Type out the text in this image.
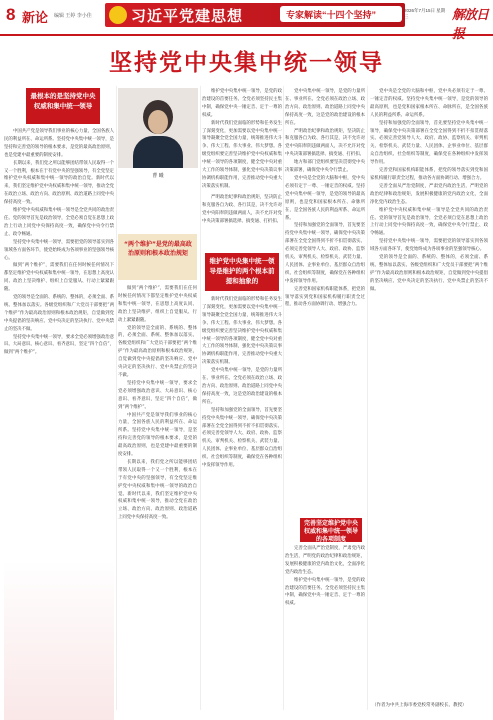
8 新论 编辑 王婷 李小佳	习近平党建思想	专家解读“十四个坚持”	2026年7月15日 星期三	解放日报
坚持党中央集中统一领导
最根本的是坚持党中央权威和集中统一领导

中国共产党是领导我们事业的核心力量，全国各族人民的利益所在、命运所系。坚持党中央集中统一领导，是坚持和完善党的领导的根本要求，是党的最高政治原则，也是党建中最重要的制度安排。

长期以来，我们党之所以能够团结带领人民取得一个又一个胜利，根本在于有党中央的坚强领导，有全党坚定维护党中央权威和集中统一领导的政治自觉。新时代以来，我们坚定维护党中央权威和集中统一领导，推动全党在政治立场、政治方向、政治原则、政治道路上同党中央保持高度一致。

维护党中央权威和集中统一领导是全党共同的政治责任。党的领导首先是政治领导，全党必须自觉在思想上政治上行动上同党中央保持高度一致，确保党中央令行禁止、政令畅通。

坚持党中央集中统一领导，需要把党的领导落实到各领域各方面各环节，使党始终成为各项事业的坚强领导核心。

做到“两个维护”，需要我们在任何时候任何情况下都坚定维护党中央权威和集中统一领导，在思想上高度认同、政治上坚决维护、组织上自觉服从、行动上紧紧跟随。

党的领导是全面的、系统的、整体的，必须全面、系统、整体加以落实。各级党组织和广大党员干部要把“两个维护”作为最高政治原则和根本政治规矩，自觉做到党中央提倡的坚决响应、党中央决定的坚决执行、党中央禁止的坚决不做。

坚持党中央集中统一领导，要求全党必须增强政治意识、大局意识、核心意识、看齐意识，坚定“四个自信”，做到“两个维护”。

曹 曦
“两个维护”是党的最高政治原则和根本政治规矩

做到“两个维护”，需要我们在任何时候任何情况下都坚定维护党中央权威和集中统一领导，在思想上高度认同、政治上坚决维护、组织上自觉服从、行动上紧紧跟随。

党的领导是全面的、系统的、整体的，必须全面、系统、整体加以落实。各级党组织和广大党员干部要把“两个维护”作为最高政治原则和根本政治规矩，自觉做到党中央提倡的坚决响应、党中央决定的坚决执行、党中央禁止的坚决不做。

坚持党中央集中统一领导，要求全党必须增强政治意识、大局意识、核心意识、看齐意识，坚定“四个自信”，做到“两个维护”。

中国共产党是领导我们事业的核心力量，全国各族人民的利益所在、命运所系。坚持党中央集中统一领导，是坚持和完善党的领导的根本要求，是党的最高政治原则，也是党建中最重要的制度安排。

长期以来，我们党之所以能够团结带领人民取得一个又一个胜利，根本在于有党中央的坚强领导，有全党坚定维护党中央权威和集中统一领导的政治自觉。新时代以来，我们坚定维护党中央权威和集中统一领导，推动全党在政治立场、政治方向、政治原则、政治道路上同党中央保持高度一致。

维护党中央集中统一领导，是党的政治建设的首要任务。全党必须坚持民主集中制，确保党中央一锤定音、定于一尊的权威。

新时代我们党面临的形势和任务发生了深刻变化，更加需要以党中央集中统一领导凝聚全党全国力量，统筹推进伟大斗争、伟大工程、伟大事业、伟大梦想。各级党组织要完善坚决维护党中央权威和集中统一领导的各项制度，健全党中央对重大工作的领导体制，强化党中央决策议事协调机构职能作用，完善推动党中央重大决策落实机制。

严明政治纪律和政治规矩，坚决防止和克服各自为政、各行其是，决不允许对党中央阳奉阴违做两面人，决不允许对党中央决策部署搞选择、搞变通、打折扣。

维护党中央集中统一领导是维护的两个根本前提和抽象的

新时代我们党面临的形势和任务发生了深刻变化，更加需要以党中央集中统一领导凝聚全党全国力量，统筹推进伟大斗争、伟大工程、伟大事业、伟大梦想。各级党组织要完善坚决维护党中央权威和集中统一领导的各项制度，健全党中央对重大工作的领导体制，强化党中央决策议事协调机构职能作用，完善推动党中央重大决策落实机制。

党中央集中统一领导，是党的力量所在、事业所在。全党必须在政治立场、政治方向、政治原则、政治道路上同党中央保持高度一致，这是党的政治建设的根本所在。

坚持和加强党的全面领导，首先要坚持党中央集中统一领导，确保党中央决策部署在全党全国得到不折不扣贯彻落实。必须完善党领导人大、政府、政协、监察机关、审判机关、检察机关、武装力量、人民团体、企事业单位、基层群众自治组织、社会组织等制度，确保党在各种组织中发挥领导作用。

党中央集中统一领导，是党的力量所在、事业所在。全党必须在政治立场、政治方向、政治原则、政治道路上同党中央保持高度一致，这是党的政治建设的根本所在。

严明政治纪律和政治规矩，坚决防止和克服各自为政、各行其是，决不允许对党中央阳奉阴违做两面人，决不允许对党中央决策部署搞选择、搞变通、打折扣。

地方和部门党组织要坚决贯彻党中央决策部署，确保党中央令行禁止。

党中央是全党的大脑和中枢，党中央必须有定于一尊、一锤定音的权威。坚持党中央集中统一领导，是党的领导的最高原则，也是党和国家根本所在、命脉所在，是全国各族人民的利益所系、命运所系。

坚持和加强党的全面领导，首先要坚持党中央集中统一领导，确保党中央决策部署在全党全国得到不折不扣贯彻落实。必须完善党领导人大、政府、政协、监察机关、审判机关、检察机关、武装力量、人民团体、企事业单位、基层群众自治组织、社会组织等制度，确保党在各种组织中发挥领导作用。

完善党和国家机构职能体系，把党的领导落实到党和国家机构履行职责全过程，推动各方面协调行动、增强合力。

完善坚定维护党中央权威和集中统一领导的各项制度

完善全面从严治党制度，严肃党内政治生活，严明党的政治纪律和政治规矩，发展积极健康的党内政治文化，全面净化党内政治生态。

维护党中央集中统一领导，是党的政治建设的首要任务。全党必须坚持民主集中制，确保党中央一锤定音、定于一尊的权威。

党中央是全党的大脑和中枢，党中央必须有定于一尊、一锤定音的权威。坚持党中央集中统一领导，是党的领导的最高原则，也是党和国家根本所在、命脉所在，是全国各族人民的利益所系、命运所系。

坚持和加强党的全面领导，首先要坚持党中央集中统一领导，确保党中央决策部署在全党全国得到不折不扣贯彻落实。必须完善党领导人大、政府、政协、监察机关、审判机关、检察机关、武装力量、人民团体、企事业单位、基层群众自治组织、社会组织等制度，确保党在各种组织中发挥领导作用。

完善党和国家机构职能体系，把党的领导落实到党和国家机构履行职责全过程，推动各方面协调行动、增强合力。

完善全面从严治党制度，严肃党内政治生活，严明党的政治纪律和政治规矩，发展积极健康的党内政治文化，全面净化党内政治生态。

维护党中央权威和集中统一领导是全党共同的政治责任。党的领导首先是政治领导，全党必须自觉在思想上政治上行动上同党中央保持高度一致，确保党中央令行禁止、政令畅通。

坚持党中央集中统一领导，需要把党的领导落实到各领域各方面各环节，使党始终成为各项事业的坚强领导核心。

党的领导是全面的、系统的、整体的，必须全面、系统、整体加以落实。各级党组织和广大党员干部要把“两个维护”作为最高政治原则和根本政治规矩，自觉做到党中央提倡的坚决响应、党中央决定的坚决执行、党中央禁止的坚决不做。

（作者为中共上海市委党校常务副校长、教授）
